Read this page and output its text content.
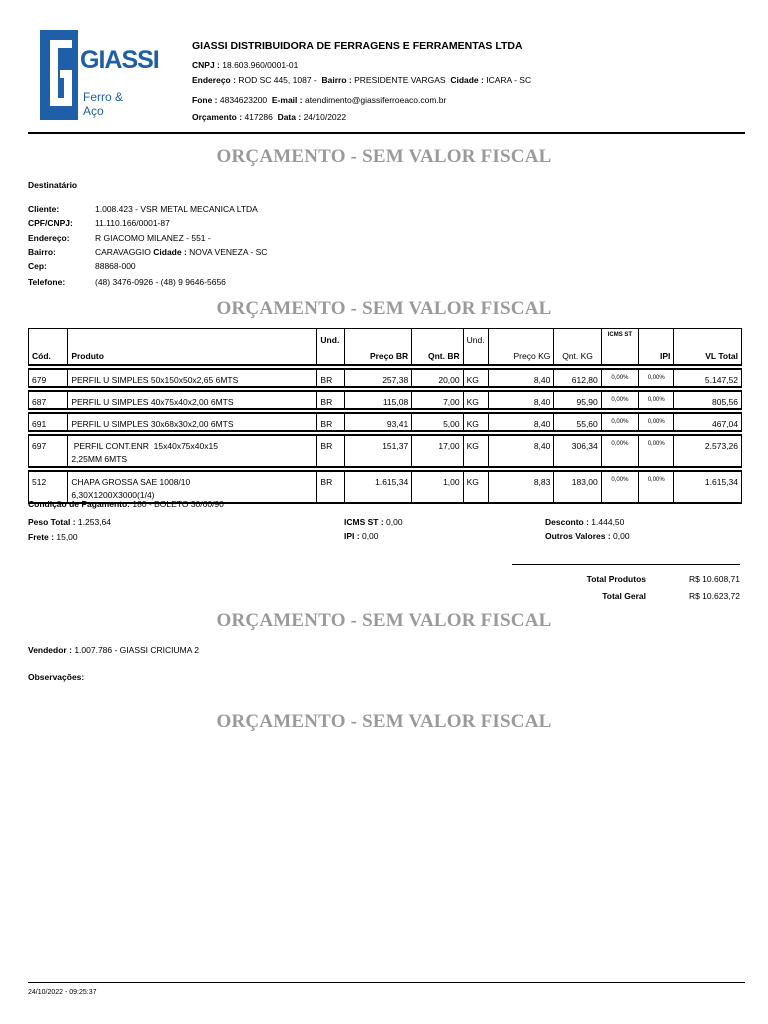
GIASSI
Ferro & Aço
GIASSI DISTRIBUIDORA DE FERRAGENS E FERRAMENTAS LTDA
CNPJ : 18.603.960/0001-01
Endereço : ROD SC 445, 1087 - Bairro : PRESIDENTE VARGAS Cidade : ICARA - SC
Fone : 4834623200 E-mail : atendimento@giassiferroeaco.com.br
Orçamento : 417286 Data : 24/10/2022
ORÇAMENTO - SEM VALOR FISCAL
Destinatário
Cliente:	1.008.423 - VSR METAL MECANICA LTDA
CPF/CNPJ:	11.110.166/0001-87
Endereço:	R GIACOMO MILANEZ - 551 -
Bairro:	CARAVAGGIO Cidade : NOVA VENEZA - SC
Cep:	88868-000
Telefone:	(48) 3476-0926 - (48) 9 9646-5656
ORÇAMENTO - SEM VALOR FISCAL
Cód.	Produto	Und.	Preço BR	Qnt. BR	Und.	Preço KG	Qnt. KG	ICMS ST	IPI	VL Total

679	PERFIL U SIMPLES 50x150x50x2,65 6MTS	BR	257,38	20,00	KG	8,40	612,80	0,00%	0,00%	5.147,52

687	PERFIL U SIMPLES 40x75x40x2,00 6MTS	BR	115,08	7,00	KG	8,40	95,90	0,00%	0,00%	805,56

691	PERFIL U SIMPLES 30x68x30x2,00 6MTS	BR	93,41	5,00	KG	8,40	55,60	0,00%	0,00%	467,04

697	PERFIL CONT.ENR  15x40x75x40x15
2,25MM 6MTS	BR	151,37	17,00	KG	8,40	306,34	0,00%	0,00%	2.573,26

512	CHAPA GROSSA SAE 1008/10
6,30X1200X3000(1/4)	BR	1.615,34	1,00	KG	8,83	183,00	0,00%	0,00%	1.615,34
Condição de Pagamento: 180 - BOLETO 30/60/90
Peso Total : 1.253,64
Frete : 15,00
ICMS ST : 0,00
IPI : 0,00
Desconto : 1.444,50
Outros Valores : 0,00
Total Produtos	R$ 10.608,71
Total Geral	R$ 10.623,72
ORÇAMENTO - SEM VALOR FISCAL
Vendedor : 1.007.786 - GIASSI CRICIUMA 2
Observações:
ORÇAMENTO - SEM VALOR FISCAL
24/10/2022 - 09:25:37
